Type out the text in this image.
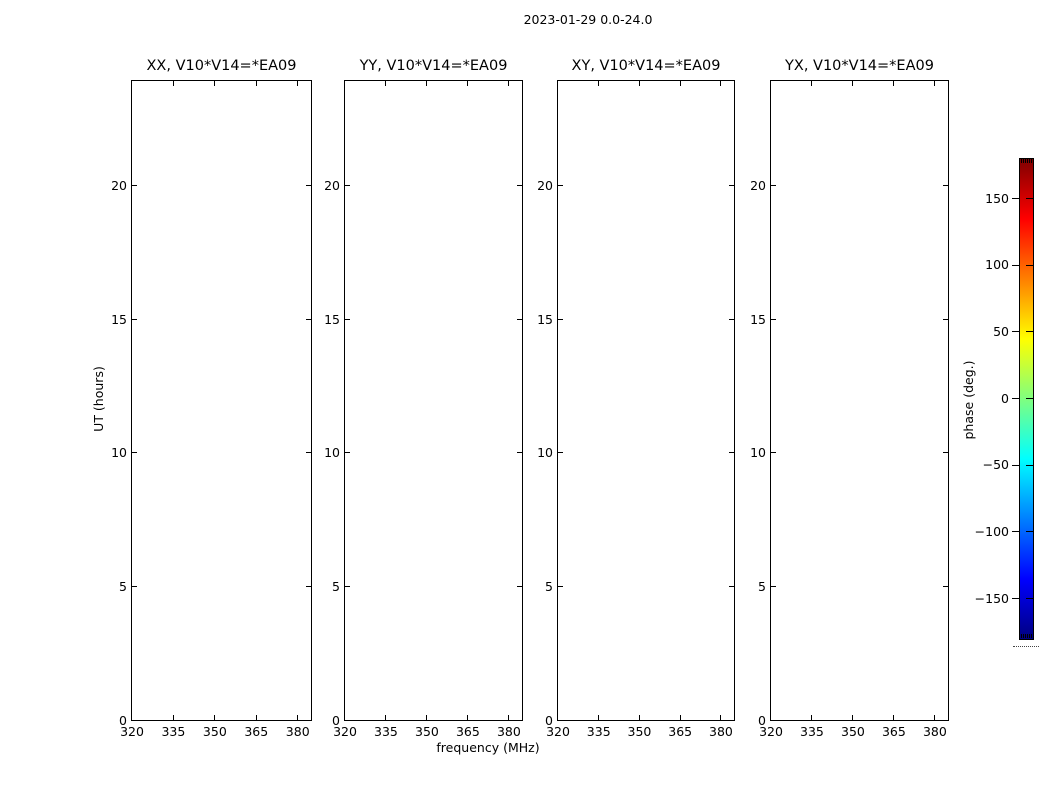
2023-01-29 0.0-24.0
XX, V10*V14=*EA09
320	335	350	365	380
0
5
10
15
20
YY, V10*V14=*EA09
320	335	350	365	380
0
5
10
15
20
XY, V10*V14=*EA09
320	335	350	365	380
0
5
10
15
20
YX, V10*V14=*EA09
320	335	350	365	380
0
5
10
15
20
frequency (MHz)
UT (hours)
150
100
50
0
−50
−100
−150
phase (deg.)
